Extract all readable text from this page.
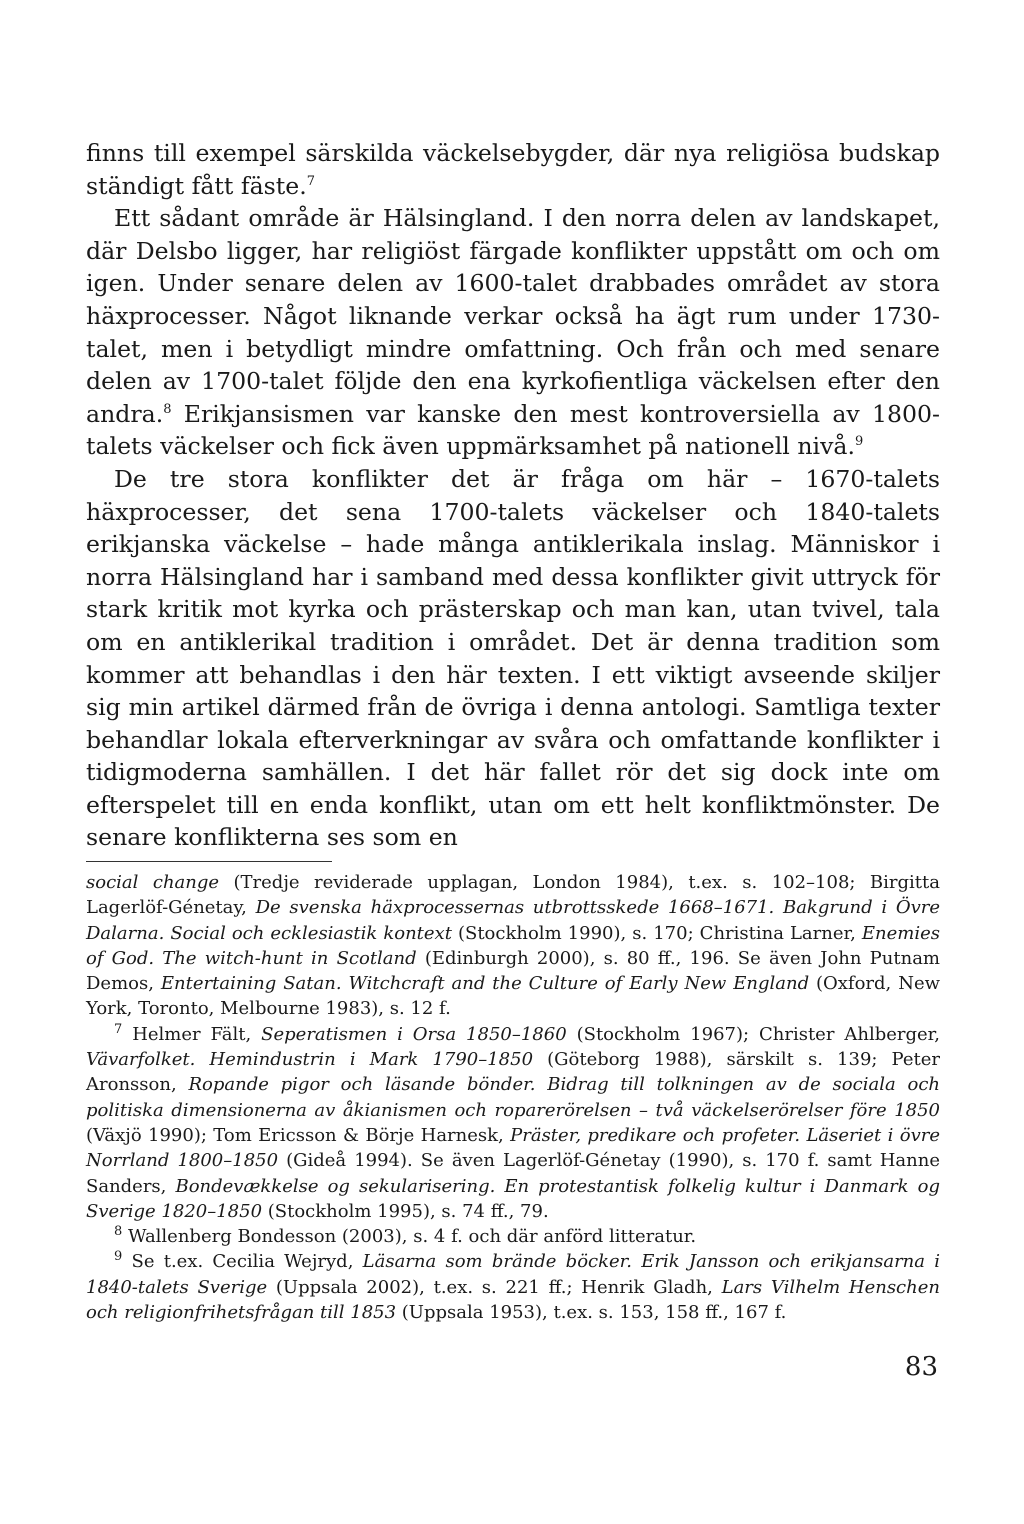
finns till exempel särskilda väckelsebygder, där nya religiösa budskap ständigt fått fäste.$^7$

Ett sådant område är Hälsingland. I den norra delen av landskapet, där Delsbo ligger, har religiöst färgade konflikter uppstått om och om igen. Under senare delen av 1600-talet drabbades området av stora häxprocesser. Något liknande verkar också ha ägt rum under 1730-talet, men i betydligt mindre omfattning. Och från och med senare delen av 1700-talet följde den ena kyrkofientliga väckelsen efter den andra.$^8$ Erikjansismen var kanske den mest kontroversiella av 1800-talets väckelser och fick även uppmärksamhet på nationell nivå.$^9$

De tre stora konflikter det är fråga om här – 1670-talets häxprocesser, det sena 1700-talets väckelser och 1840-talets erikjanska väckelse – hade många antiklerikala inslag. Människor i norra Hälsingland har i samband med dessa konflikter givit uttryck för stark kritik mot kyrka och prästerskap och man kan, utan tvivel, tala om en antiklerikal tradition i området. Det är denna tradition som kommer att behandlas i den här texten. I ett viktigt avseende skiljer sig min artikel därmed från de övriga i denna antologi. Samtliga texter behandlar lokala efterverkningar av svåra och omfattande konflikter i tidigmoderna samhällen. I det här fallet rör det sig dock inte om efterspelet till en enda konflikt, utan om ett helt konfliktmönster. De senare konflikterna ses som en

social change (Tredje reviderade upplagan, London 1984), t.ex. s. 102–108; Birgitta Lagerlöf-Génetay, De svenska häxprocessernas utbrottsskede 1668–1671. Bakgrund i Övre Dalarna. Social och ecklesiastik kontext (Stockholm 1990), s. 170; Christina Larner, Enemies of God. The witch-hunt in Scotland (Edinburgh 2000), s. 80 ff., 196. Se även John Putnam Demos, Entertaining Satan. Witchcraft and the Culture of Early New England (Oxford, New York, Toronto, Melbourne 1983), s. 12 f.

$^7$ Helmer Fält, Seperatismen i Orsa 1850–1860 (Stockholm 1967); Christer Ahlberger, Vävarfolket. Hemindustrin i Mark 1790–1850 (Göteborg 1988), särskilt s. 139; Peter Aronsson, Ropande pigor och läsande bönder. Bidrag till tolkningen av de sociala och politiska dimensionerna av åkianismen och roparerörelsen – två väckelserörelser före 1850 (Växjö 1990); Tom Ericsson & Börje Harnesk, Präster, predikare och profeter. Läseriet i övre Norrland 1800–1850 (Gideå 1994). Se även Lagerlöf-Génetay (1990), s. 170 f. samt Hanne Sanders, Bondevækkelse og sekularisering. En protestantisk folkelig kultur i Danmark og Sverige 1820–1850 (Stockholm 1995), s. 74 ff., 79.

$^8$ Wallenberg Bondesson (2003), s. 4 f. och där anförd litteratur.

$^9$ Se t.ex. Cecilia Wejryd, Läsarna som brände böcker. Erik Jansson och erikjansarna i 1840-talets Sverige (Uppsala 2002), t.ex. s. 221 ff.; Henrik Gladh, Lars Vilhelm Henschen och religionfrihetsfrågan till 1853 (Uppsala 1953), t.ex. s. 153, 158 ff., 167 f.

83
